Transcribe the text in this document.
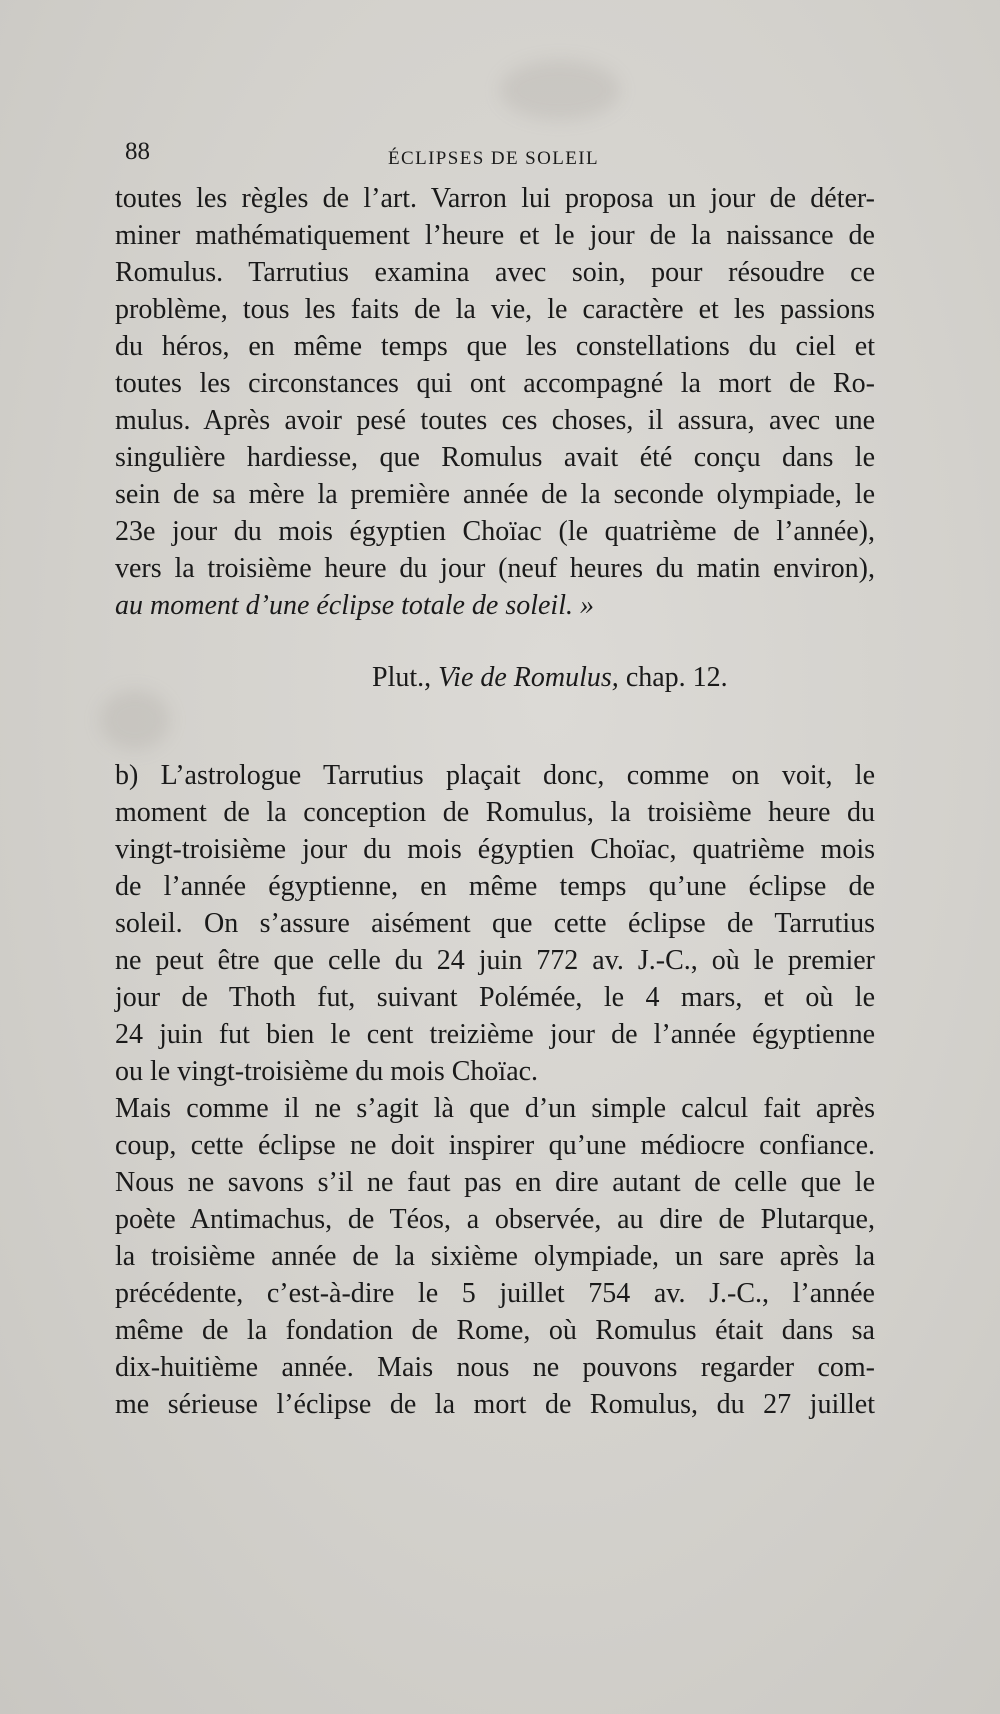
88	ÉCLIPSES DE SOLEIL
toutes les règles de l’art. Varron lui proposa un jour de déter-
miner mathématiquement l’heure et le jour de la naissance de
Romulus. Tarrutius examina avec soin, pour résoudre ce
problème, tous les faits de la vie, le caractère et les passions
du héros, en même temps que les constellations du ciel et
toutes les circonstances qui ont accompagné la mort de Ro-
mulus. Après avoir pesé toutes ces choses, il assura, avec une
singulière hardiesse, que Romulus avait été conçu dans le
sein de sa mère la première année de la seconde olympiade, le
23e jour du mois égyptien Choïac (le quatrième de l’année),
vers la troisième heure du jour (neuf heures du matin environ),
au moment d’une éclipse totale de soleil. »
Plut., Vie de Romulus, chap. 12.
b) L’astrologue Tarrutius plaçait donc, comme on voit, le
moment de la conception de Romulus, la troisième heure du
vingt-troisième jour du mois égyptien Choïac, quatrième mois
de l’année égyptienne, en même temps qu’une éclipse de
soleil. On s’assure aisément que cette éclipse de Tarrutius
ne peut être que celle du 24 juin 772 av. J.-C., où le premier
jour de Thoth fut, suivant Polémée, le 4 mars, et où le
24 juin fut bien le cent treizième jour de l’année égyptienne
ou le vingt-troisième du mois Choïac.
Mais comme il ne s’agit là que d’un simple calcul fait après
coup, cette éclipse ne doit inspirer qu’une médiocre confiance.
Nous ne savons s’il ne faut pas en dire autant de celle que le
poète Antimachus, de Téos, a observée, au dire de Plutarque,
la troisième année de la sixième olympiade, un sare après la
précédente, c’est-à-dire le 5 juillet 754 av. J.-C., l’année
même de la fondation de Rome, où Romulus était dans sa
dix-huitième année. Mais nous ne pouvons regarder com-
me sérieuse l’éclipse de la mort de Romulus, du 27 juillet
